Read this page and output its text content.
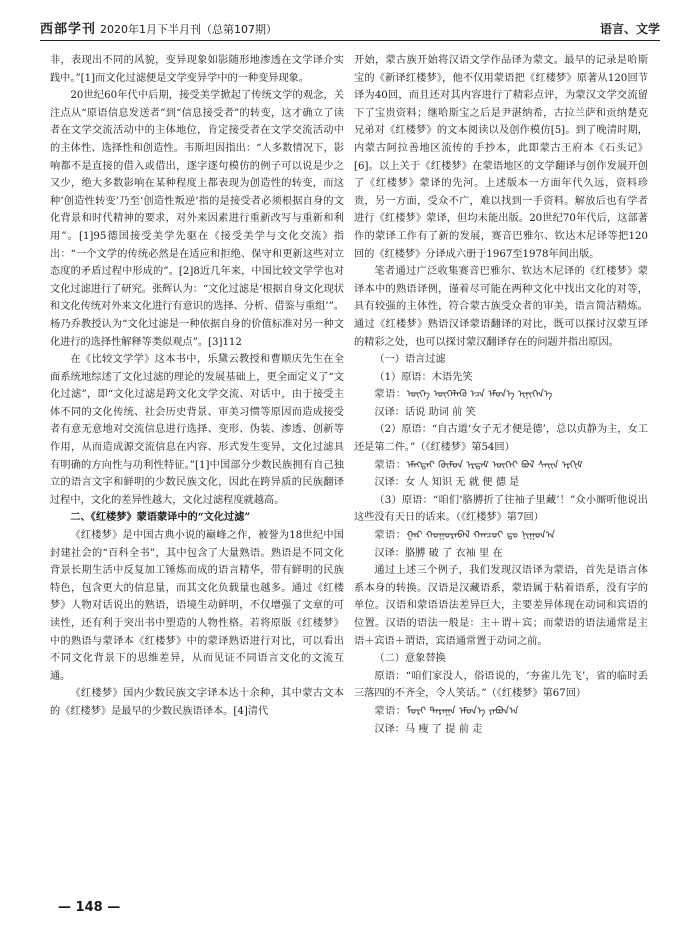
西部学刊 2020年1月下半月刊（总第107期）	语言、文学

非，表现出不同的风貌，变异现象如影随形地渗透在文学译介实践中。”[1]而文化过滤便是文学变异学中的一种变异现象。

20世纪60年代中后期，接受美学掀起了传统文学的观念，关注点从“原语信息发送者”到“信息接受者”的转变，这才确立了读者在文学交流活动中的主体地位，肯定接受者在文学交流活动中的主体性、选择性和创造性。韦斯坦因指出：“人多数情况下，影响都不是直接的借入或借出，逐字逐句模仿的例子可以说是少之又少，绝大多数影响在某种程度上都表现为创造性的转变，而这种‘创造性转变’乃至‘创造性叛逆’指的是接受者必须根据自身的文化背景和时代精神的要求，对外来因素进行重新改写与重新和利用”。[1]95德国接受美学先驱在《接受美学与文化交流》指出：“一个文学的传统必然是在适应和拒绝、保守和更新这些对立态度的矛盾过程中形成的”。[2]8近几年来，中国比较文学学也对文化过滤进行了研究。张辉认为：“文化过滤是‘根据自身文化现状和文化传统对外来文化进行有意识的选择、分析、借鉴与重组’”。杨乃乔教授认为“文化过滤是一种依据自身的价值标准对另一种文化进行的选择性解释等类似观点”。[3]112

在《比较文学学》这本书中，乐黛云教授和曹顺庆先生在全面系统地综述了文化过滤的理论的发展基础上，更全面定义了“文化过滤”，即“文化过滤是跨文化文学交流、对话中，由于接受主体不同的文化传统、社会历史背景、审美习惯等原因而造成接受者有意无意地对交流信息进行选择、变形、伪装、渗透、创新等作用，从而造成源交流信息在内容、形式发生变异，文化过滤具有明确的方向性与功利性特征。”[1]中国部分少数民族拥有自己独立的语言文字和鲜明的少数民族文化，因此在跨异质的民族翻译过程中，文化的差异性越大，文化过滤程度就越高。

二、《红楼梦》蒙语蒙译中的“文化过滤”

《红楼梦》是中国古典小说的巅峰之作，被誉为18世纪中国封建社会的“百科全书”，其中包含了大量熟语。熟语是不同文化背景长期生活中反复加工锤炼而成的语言精华，带有鲜明的民族特色，包含更大的信息量，而其文化负载量也越多。通过《红楼梦》人物对话说出的熟语，语境生动鲜明，不仅增强了文章的可读性，还有利于突出书中塑造的人物性格。若将原版《红楼梦》中的熟语与蒙译本《红楼梦》中的蒙译熟语进行对比，可以看出不同文化背景下的思维差异，从而见证不同语言文化的文流互通。

《红楼梦》国内少数民族文字译本达十余种，其中蒙古文本的《红楼梦》是最早的少数民族语译本。[4]清代

开始，蒙古族开始将汉语文学作品译为蒙文。最早的记录是哈斯宝的《新译红楼梦》，他不仅用蒙语把《红楼梦》原著从120回节译为40回，而且还对其内容进行了精彩点评，为蒙汉文学交流留下了宝贵资料；继哈斯宝之后是尹湛纳希，古拉兰萨和贡纳楚克兄弟对《红楼梦》的文本阅读以及创作模仿[5]。到了晚清时期，内蒙古阿拉善地区流传的手抄本，此即蒙古王府本《石头记》[6]。以上关于《红楼梦》在蒙语地区的文学翻译与创作发展开创了《红楼梦》蒙译的先河。上述版本一方面年代久远，资料珍贵，另一方面，受众不广，难以找到一手资料。解放后也有学者进行《红楼梦》蒙译，但均未能出版。20世纪70年代后，这部著作的蒙译工作有了新的发展，赛音巴雅尔、钦达木尼译等把120回的《红楼梦》分译成六册于1967至1978年间出版。

笔者通过广泛收集赛音巴雅尔、钦达木尼译的《红楼梦》蒙译本中的熟语译例，谨着尽可能在两种文化中找出文化的对等，具有较强的主体性，符合蒙古族受众者的审美，语言简洁精炼。通过《红楼梦》熟语汉译蒙语翻译的对比，既可以探讨汉蒙互译的精彩之处，也可以探讨蒙汉翻译存在的问题并指出原因。

（一）语言过滤

（1）原语：木语先笑

蒙语：ᠦᠭᠡ ᠦᠭᠡᠯᠡᠬᠦ ᠡᠴᠡ ᠡᠮᠦᠨ᠎ᠡ ᠢᠨᠢᠭᠡᠨ᠎ᠡ

汉译：话说 助词 前 笑

（2）原语：“自古道‘女子无才便是德’，总以贞静为主，女工还是第二件。”（《红楼梦》第54回）

蒙语：ᠡᠮᠡᠭᠲᠡᠢ ᠬᠦᠮᠦᠨ ᠡᠷᠳᠡᠮ ᠦᠭᠡᠢ ᠪᠣᠯ ᠰᠠᠢᠨ ᠡᠷᠬᠢᠮ

汉译：女 人 知识 无 就 便 德 是

（3）原语：“咱们‘胳膊折了往袖子里藏’！”众小厮听他说出这些没有天日的话来。（《红楼梦》第7回）

蒙语：ᠭᠠᠷ ᠬᠤᠭᠤᠷᠠᠪᠠᠯ ᠬᠠᠨᠴᠤᠢ ᠳᠤ ᠨᠢᠭᠤᠨ᠎ᠠ

汉译：胳膊 破 了 衣袖 里 在

通过上述三个例子，我们发现汉语译为蒙语，首先是语言体系本身的转换。汉语是汉藏语系，蒙语属于粘着语系，没有字的单位。汉语和蒙语语法差异巨大，主要差异体现在动词和宾语的位置。汉语的语法一般是：主＋谓＋宾；而蒙语的语法通常是主语＋宾语＋谓语，宾语通常置于动词之前。

（二）意象替换

原语：“咱们家没人，俗语说的，‘夯雀儿先飞’，省的临时丢三落四的不齐全，令人笑话。”（《红楼梦》第67回）

蒙语：ᠮᠣᠷᠢ ᠲᠠᠷᠠᠭᠠ ᠡᠮᠦᠨ᠎ᠡ ᠶᠠᠪᠤᠨ᠎ᠠ

汉译：马 瘦 了 提 前 走

— 148 —
